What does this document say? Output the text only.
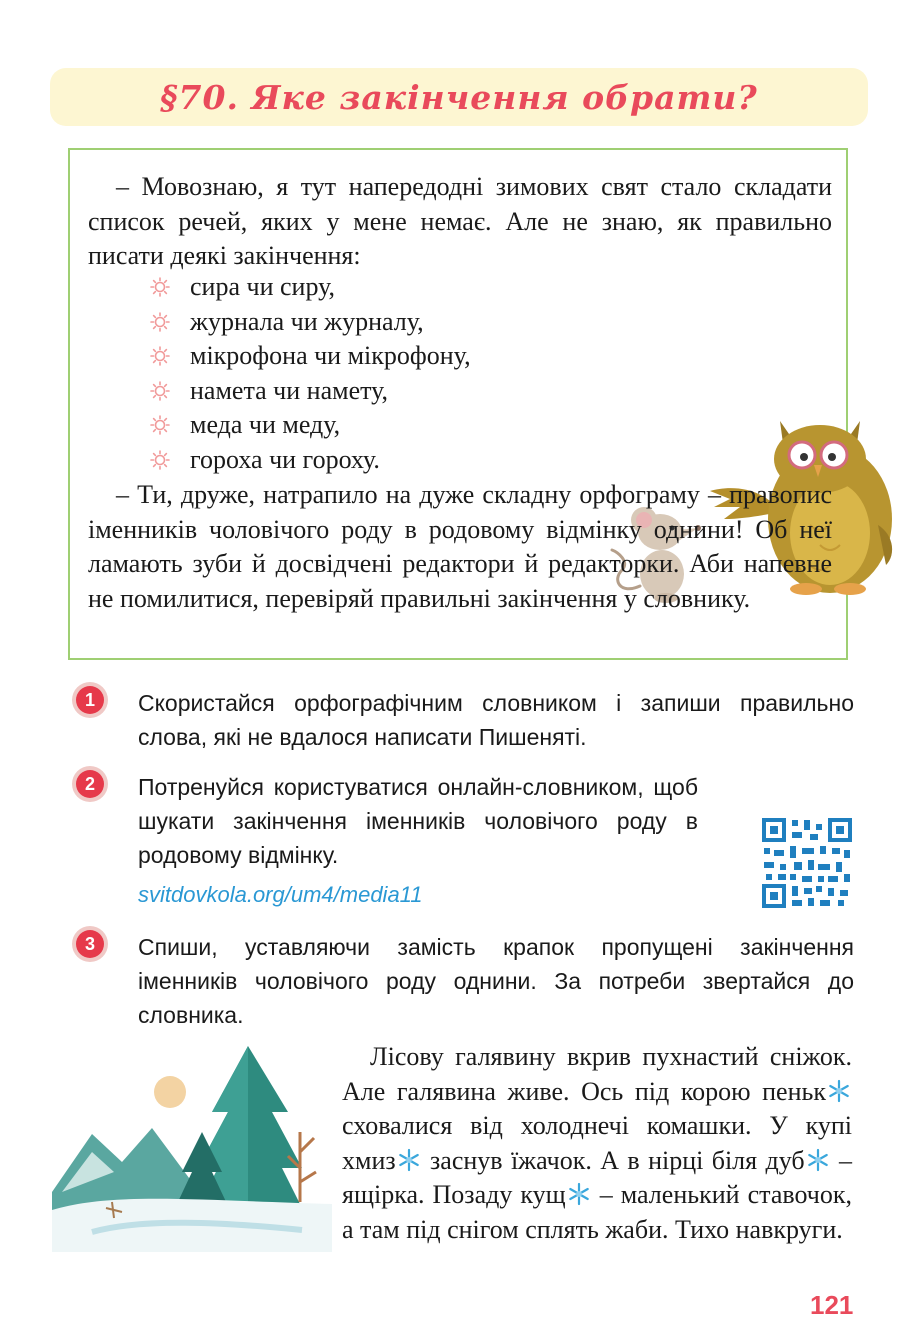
§70. Яке закінчення обрати?

– Мовознаю, я тут напередодні зимових свят стало складати список речей, яких у мене немає. Але не знаю, як правильно писати деякі закінчення:

сира чи сиру,
журнала чи журналу,
мікрофона чи мікрофону,
намета чи намету,
меда чи меду,
гороха чи гороху.

– Ти, друже, натрапило на дуже складну орфограму – правопис іменників чоловічого роду в родовому відмінку однини! Об неї ламають зуби й досвідчені редактори й редакторки. Аби напевне не помилитися, перевіряй правильні закінчення у словнику.

1	Скористайся орфографічним словником і запиши правильно слова, які не вдалося написати Пишеняті.

2	Потренуйся користуватися онлайн-словником, щоб шукати закінчення іменників чоловічого роду в родовому відмінку.

svitdovkola.org/um4/media11
3	Спиши, уставляючи замість крапок пропущені закінчення іменників чоловічого роду однини. За потреби звертайся до словника.

Лісову галявину вкрив пухнастий сніжок. Але галявина живе. Ось під корою пеньк сховалися від холоднечі комашки. У купі хмиз заснув їжачок. А в нірці біля дуб – ящірка. Позаду кущ – маленький ставочок, а там під снігом сплять жаби. Тихо навкруги.

121
